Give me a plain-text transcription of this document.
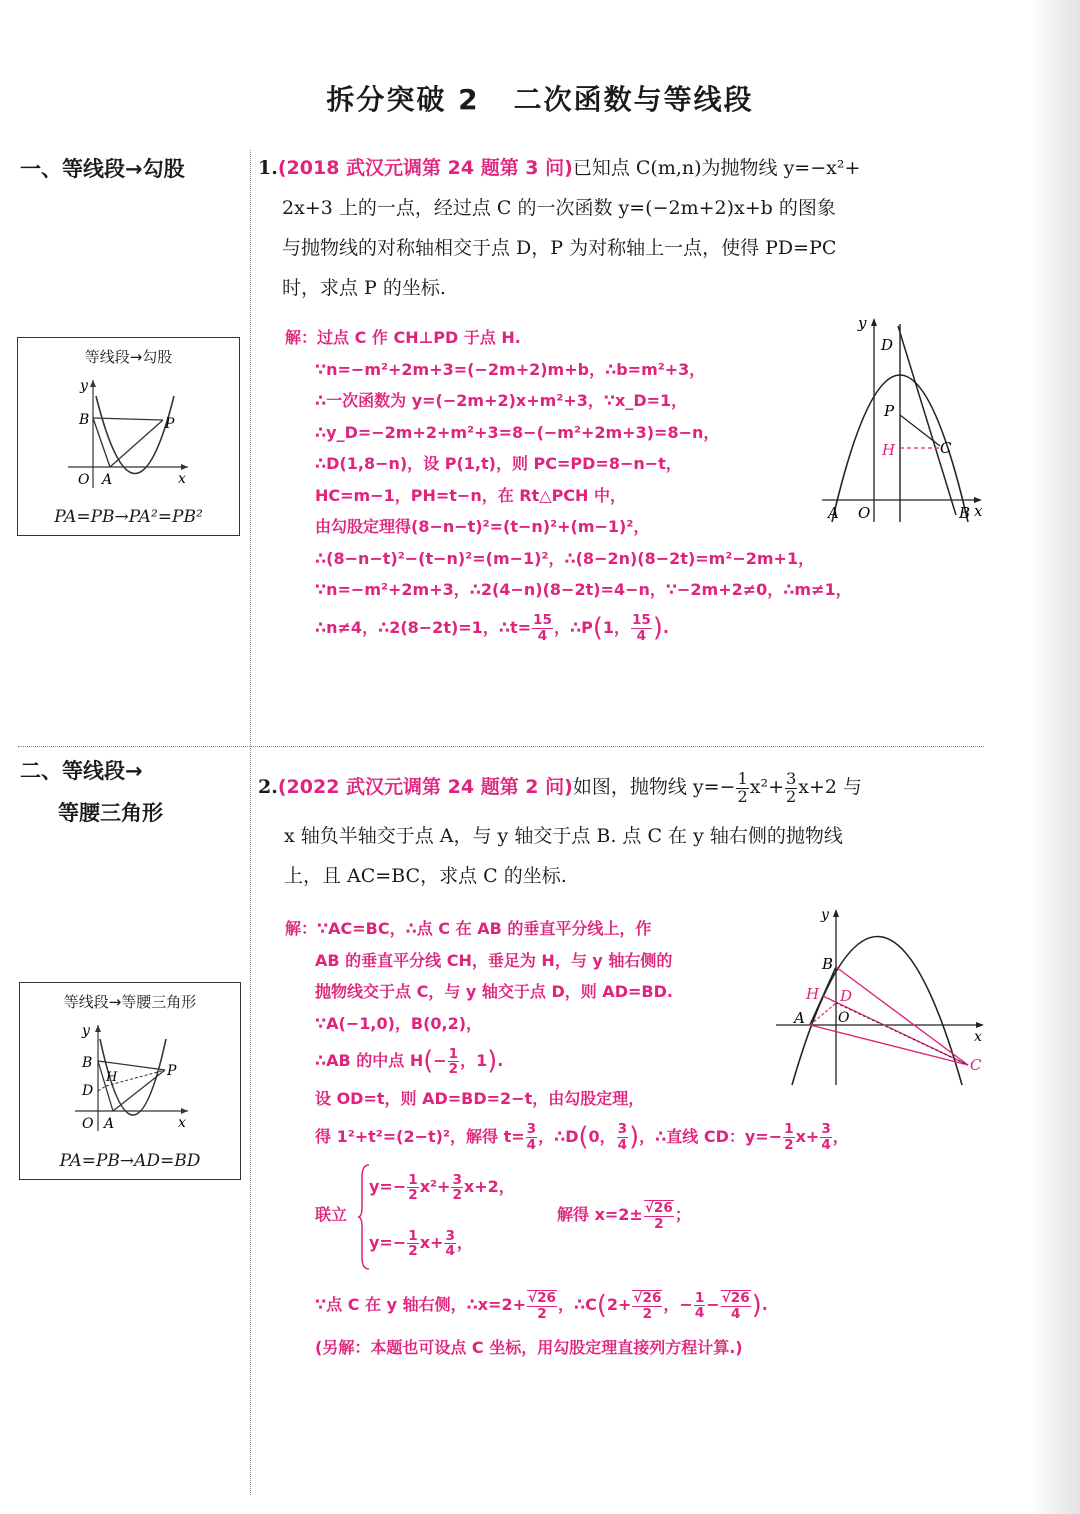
拆分突破 2 二次函数与等线段
一、等线段→勾股
等线段→勾股
y
x
O A
B	P
PA=PB→PA²=PB²
1.(2018 武汉元调第 24 题第 3 问)已知点 C(m,n)为抛物线 y=−x²+
2x+3 上的一点，经过点 C 的一次函数 y=(−2m+2)x+b 的图象
与抛物线的对称轴相交于点 D，P 为对称轴上一点，使得 PD=PC
时，求点 P 的坐标.
解：过点 C 作 CH⊥PD 于点 H.
∵n=−m²+2m+3=(−2m+2)m+b，∴b=m²+3，
∴一次函数为 y=(−2m+2)x+m²+3，∵x_D=1，
∴y_D=−2m+2+m²+3=8−(−m²+2m+3)=8−n，
∴D(1,8−n)，设 P(1,t)，则 PC=PD=8−n−t，
HC=m−1，PH=t−n，在 Rt△PCH 中，
由勾股定理得(8−n−t)²=(t−n)²+(m−1)²，
∴(8−n−t)²−(t−n)²=(m−1)²，∴(8−2n)(8−2t)=m²−2m+1，
∵n=−m²+2m+3，∴2(4−n)(8−2t)=4−n，∵−2m+2≠0，∴m≠1，
∴n≠4，∴2(8−2t)=1，∴t= $\frac{15}{4}$ ，∴P(1， $\frac{15}{4}$ ).
y
x
D
P
H	C
A O	B
二、等线段→
等腰三角形
等线段→等腰三角形
y
x
O A
B
D
H	P
PA=PB→AD=BD
2.(2022 武汉元调第 24 题第 2 问)如图，抛物线 $y=- \frac{1}{2} x^2+ \frac{3}{2} x+2$ 与
x 轴负半轴交于点 A，与 y 轴交于点 B. 点 C 在 y 轴右侧的抛物线
上，且 AC=BC，求点 C 的坐标.
解：∵AC=BC，∴点 C 在 AB 的垂直平分线上，作
AB 的垂直平分线 CH，垂足为 H，与 y 轴右侧的
抛物线交于点 C，与 y 轴交于点 D，则 AD=BD.
∵A(−1,0)，B(0,2)，
∴AB 的中点 $H(- \frac{1}{2}$ ，1).
设 OD=t，则 AD=BD=2−t，由勾股定理，
得 1²+t²=(2−t)²，解得 $t= \frac{3}{4}$ ，∴D(0， $\frac{3}{4}$ )，∴直线 CD：$y=- \frac{1}{2} x+ \frac{3}{4}$ ，
联立
$y=- \frac{1}{2} x^2+ \frac{3}{2} x+2$，
$y=- \frac{1}{2} x+ \frac{3}{4}$ ，
解得 $x=2\pm \frac{√26}{2}$ ；
∵点 C 在 y 轴右侧，∴x=2+ $\frac{√26}{2}$ ，∴C(2+ $\frac{√26}{2}$ ，− $\frac{1}{4} - \frac{√26}{4}$ ).
(另解：本题也可设点 C 坐标，用勾股定理直接列方程计算.)
y
x
B
H D
A O
C
